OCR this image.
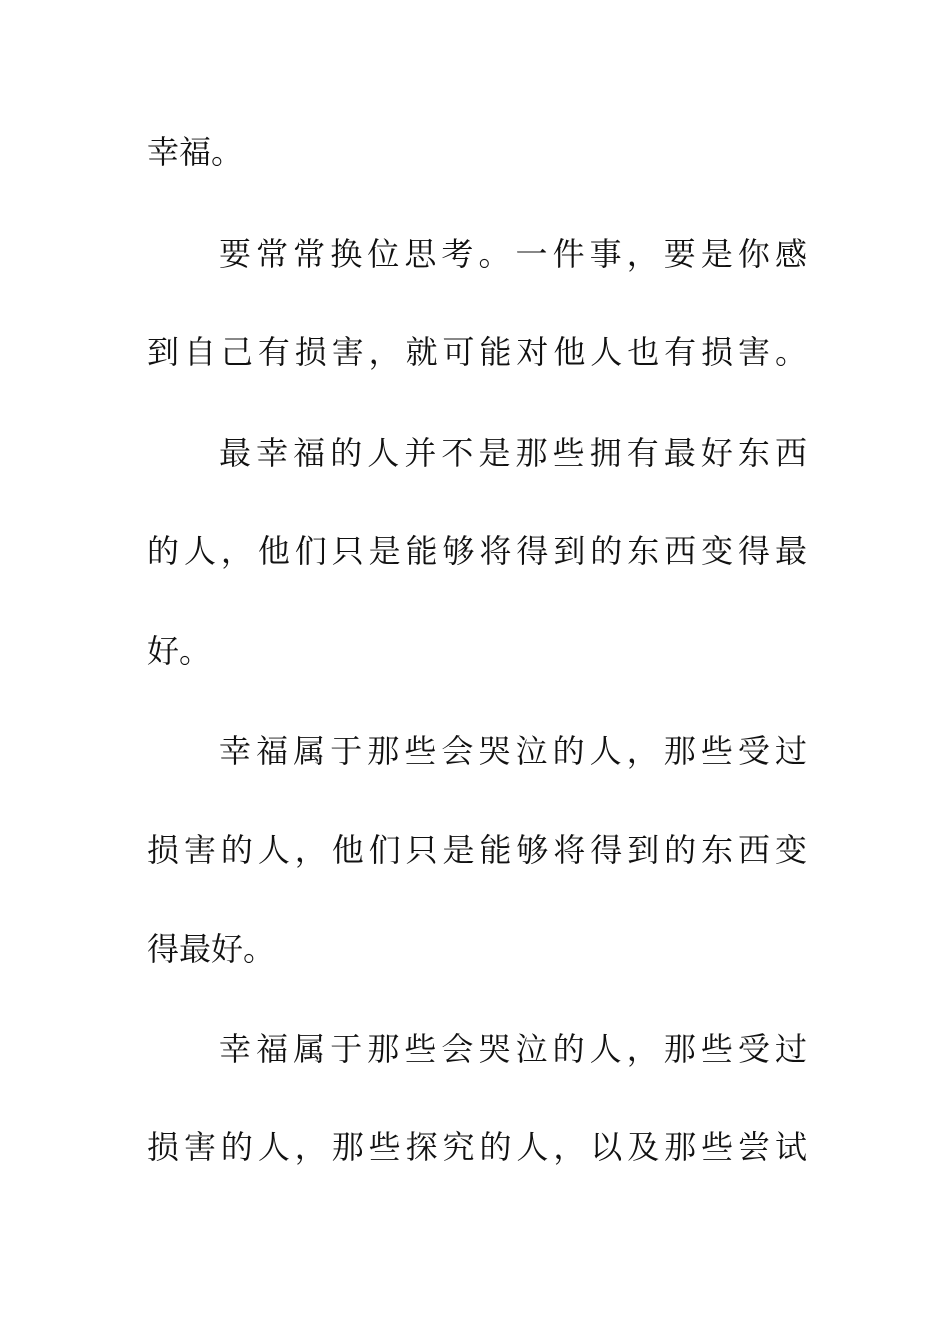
幸福。
要常常换位思考。一件事，要是你感
到自己有损害，就可能对他人也有损害。
最幸福的人并不是那些拥有最好东西
的人，他们只是能够将得到的东西变得最
好。
幸福属于那些会哭泣的人，那些受过
损害的人，他们只是能够将得到的东西变
得最好。
幸福属于那些会哭泣的人，那些受过
损害的人，那些探究的人，以及那些尝试
